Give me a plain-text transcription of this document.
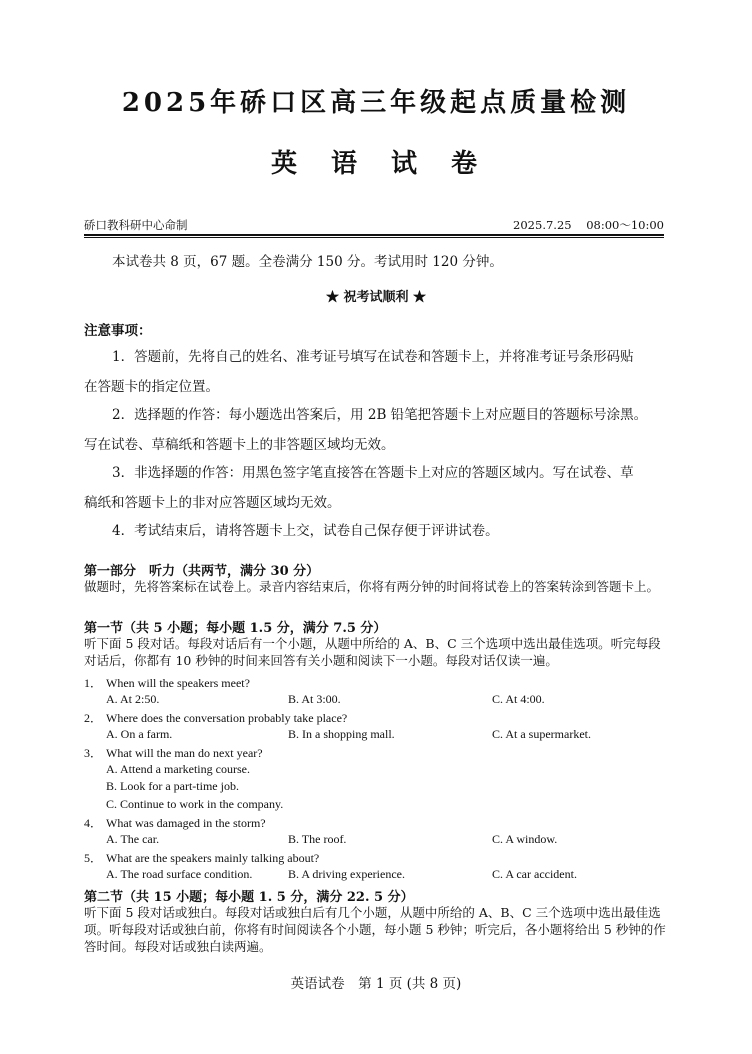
2025年硚口区高三年级起点质量检测
英语试卷
硚口教科研中心命制	2025.7.25 08:00～10:00
本试卷共 8 页，67 题。全卷满分 150 分。考试用时 120 分钟。
★ 祝考试顺利 ★
注意事项：
1．答题前，先将自己的姓名、准考证号填写在试卷和答题卡上，并将准考证号条形码贴
在答题卡的指定位置。
2．选择题的作答：每小题选出答案后，用 2B 铅笔把答题卡上对应题目的答题标号涂黑。
写在试卷、草稿纸和答题卡上的非答题区域均无效。
3．非选择题的作答：用黑色签字笔直接答在答题卡上对应的答题区域内。写在试卷、草
稿纸和答题卡上的非对应答题区域均无效。
4．考试结束后，请将答题卡上交，试卷自己保存便于评讲试卷。
第一部分　听力（共两节，满分 30 分）
做题时，先将答案标在试卷上。录音内容结束后，你将有两分钟的时间将试卷上的答案转涂到答题卡上。
第一节（共 5 小题；每小题 1.5 分，满分 7.5 分）
听下面 5 段对话。每段对话后有一个小题，从题中所给的 A、B、C 三个选项中选出最佳选项。听完每段对话后，你都有 10 秒钟的时间来回答有关小题和阅读下一小题。每段对话仅读一遍。
1． When will the speakers meet?
A. At 2:50.	B. At 3:00.	C. At 4:00.
2． Where does the conversation probably take place?
A. On a farm.	B. In a shopping mall.	C. At a supermarket.
3． What will the man do next year?
A. Attend a marketing course.
B. Look for a part-time job.
C. Continue to work in the company.
4． What was damaged in the storm?
A. The car.	B. The roof.	C. A window.
5． What are the speakers mainly talking about?
A. The road surface condition.	B. A driving experience.	C. A car accident.
第二节（共 15 小题；每小题 1. 5 分，满分 22. 5 分）
听下面 5 段对话或独白。每段对话或独白后有几个小题，从题中所给的 A、B、C 三个选项中选出最佳选项。听每段对话或独白前，你将有时间阅读各个小题，每小题 5 秒钟；听完后，各小题将给出 5 秒钟的作答时间。每段对话或独白读两遍。
英语试卷　第 1 页 (共 8 页)
